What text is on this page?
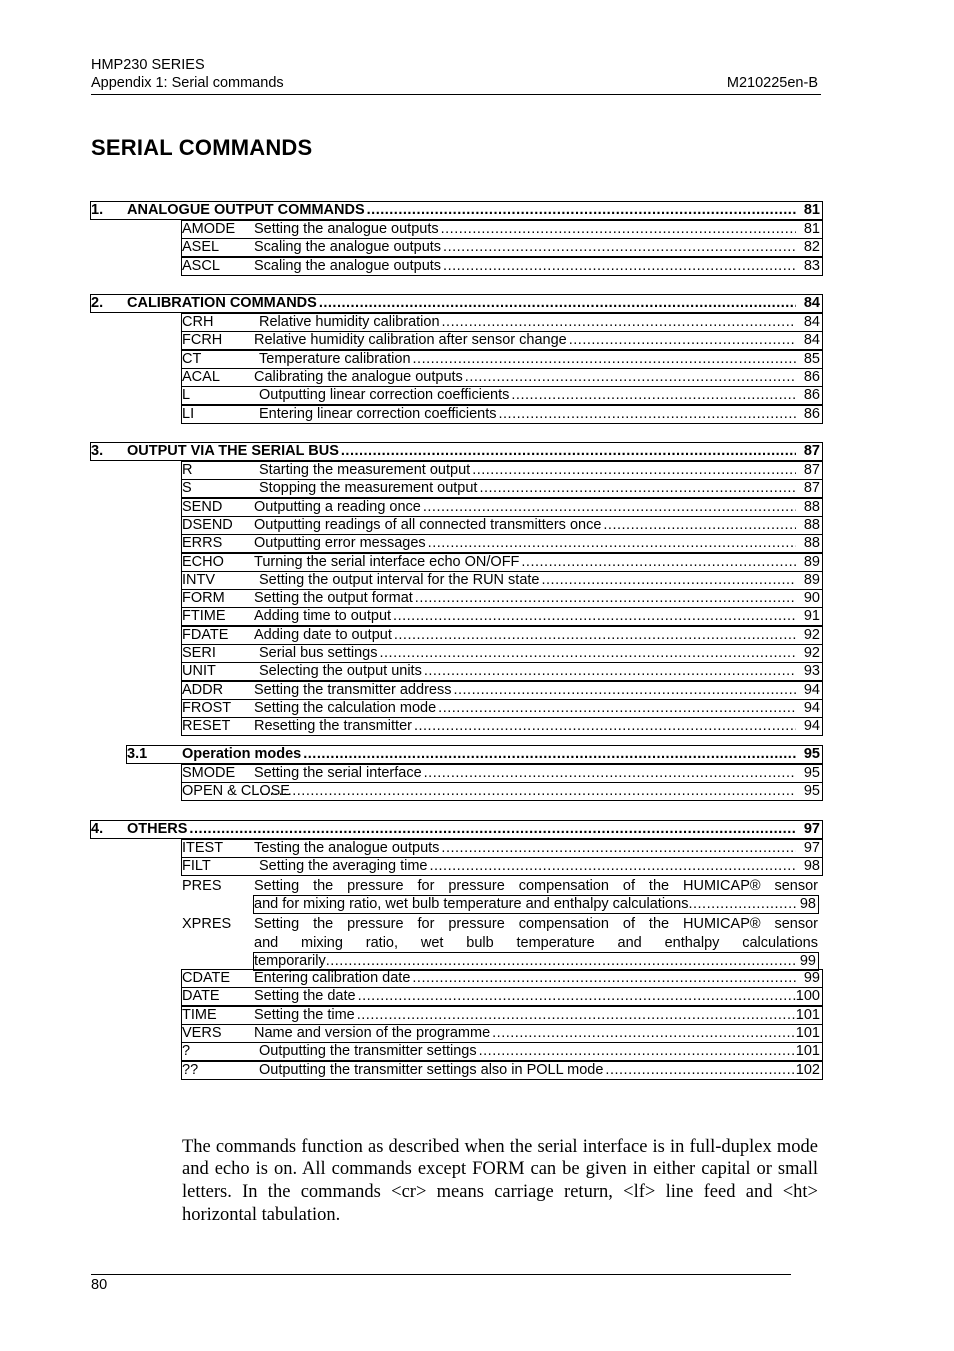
HMP230 SERIES
Appendix 1: Serial commands	M210225en-B
SERIAL COMMANDS
1. ANALOGUE OUTPUT COMMANDS .....	81
AMODE Setting the analogue outputs .....	81
ASEL Scaling the analogue outputs .....	82
ASCL Scaling the analogue outputs .....	83
2. CALIBRATION COMMANDS .....	84
CRH	Relative humidity calibration .....	84
FCRH Relative humidity calibration after sensor change .....	84
CT	Temperature calibration .....	85
ACAL Calibrating the analogue outputs .....	86
L	Outputting linear correction coefficients .....	86
LI	Entering linear correction coefficients .....	86
3. OUTPUT VIA THE SERIAL BUS .....	87
R	Starting the measurement output .....	87
S	Stopping the measurement output .....	87
SEND Outputting a reading once .....	88
DSEND Outputting readings of all connected transmitters once .....	88
ERRS Outputting error messages .....	88
ECHO Turning the serial interface echo ON/OFF .....	89
INTV	Setting the output interval for the RUN state .....	89
FORM Setting the output format .....	90
FTIME Adding time to output .....	91
FDATE Adding date to output .....	92
SERI	Serial bus settings .....	92
UNIT	Selecting the output units .....	93
ADDR Setting the transmitter address .....	94
FROST Setting the calculation mode .....	94
RESET Resetting the transmitter .....	94
3.1 Operation modes .....	95
SMODE Setting the serial interface .....	95
OPEN & CLOSE .....	95
4. OTHERS .....	97
ITEST Testing the analogue outputs .....	97
FILT	Setting the averaging time .....	98
PRES Setting the pressure for pressure compensation of the HUMICAP® sensor
and for mixing ratio, wet bulb temperature and enthalpy calculations .....	98
XPRES Setting the pressure for pressure compensation of the HUMICAP® sensor
and mixing ratio, wet bulb temperature and enthalpy calculations
temporarily .....	99
CDATE Entering calibration date .....	99
DATE Setting the date .....	100
TIME	Setting the time .....	101
VERS Name and version of the programme .....	101
?	Outputting the transmitter settings .....	101
??	Outputting the transmitter settings also in POLL mode .....	102

The commands function as described when the serial interface is in full-duplex mode and echo is on. All commands except FORM can be given in either capital or small letters. In the commands <cr> means carriage return, <lf> line feed and <ht> horizontal tabulation.

80
